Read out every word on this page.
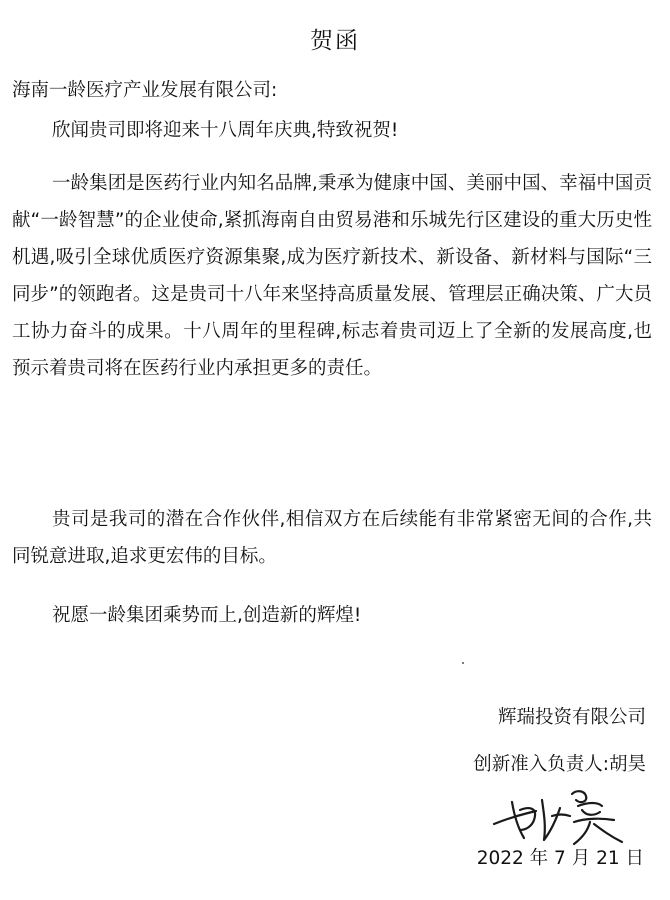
贺函

海南一龄医疗产业发展有限公司:

欣闻贵司即将迎来十八周年庆典,特致祝贺!

一龄集团是医药行业内知名品牌,秉承为健康中国、美丽中国、幸福中国贡献“一龄智慧”的企业使命,紧抓海南自由贸易港和乐城先行区建设的重大历史性机遇,吸引全球优质医疗资源集聚,成为医疗新技术、新设备、新材料与国际“三同步”的领跑者。这是贵司十八年来坚持高质量发展、管理层正确决策、广大员工协力奋斗的成果。十八周年的里程碑,标志着贵司迈上了全新的发展高度,也预示着贵司将在医药行业内承担更多的责任。

贵司是我司的潜在合作伙伴,相信双方在后续能有非常紧密无间的合作,共同锐意进取,追求更宏伟的目标。

祝愿一龄集团乘势而上,创造新的辉煌!

辉瑞投资有限公司

创新准入负责人:胡昊

2022 年 7 月 21 日
